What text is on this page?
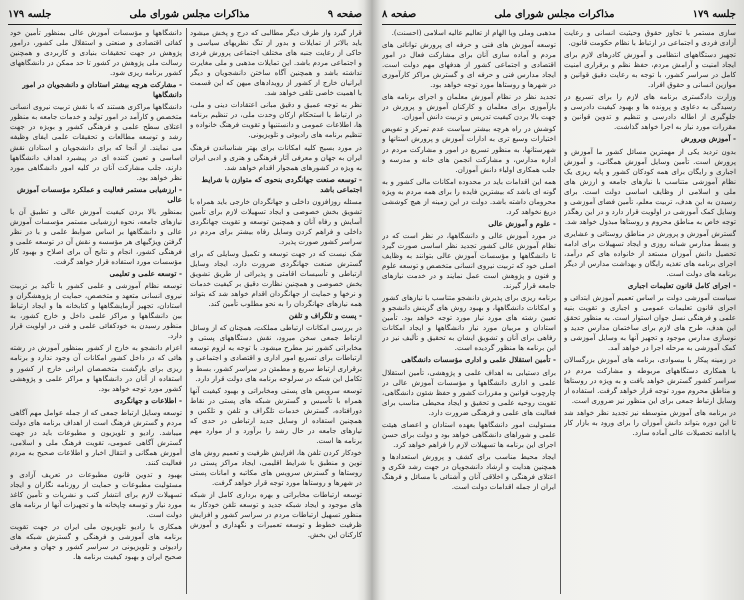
صفحه ۹
مذاکرات مجلس شورای ملی
جلسه ۱۷۹

قرار گیرد واز طرف دیگر مطالبی که درج و پخش میشود باید بالاتر از تمایلات و بدور از تنگ نظریهای سیاسی و حاکی از رعایت جنبه های مختلف اجتماعی پرورش فردی و اجتماعی مردم باشد. این تمایلات مذهبی و ملی مغایرت نداشته باشد و همچنین آگاه ساختن دانشجویان و دیگر ایرانیان خارج از کشور از رویدادهای میهن که این قسمت با اهمیت خاصی تلقی خواهد شد.

نظر به توجه عمیق و دقیق مبانی اعتقادات دینی و ملی، در ارتباط با استحکام ارکان وحدت ملی، در تنظیم برنامه ها، اطلاعات عمومی و دانستنیها و تقویت فرهنگ خانواده و تنظیم برنامه های رادیوئی و تلویزیونی.

در مورد بسیج کلیه امکانات برای بهتر شناساندن فرهنگ ایران به جهان و معرفی آثار فرهنگی و هنری و ادبی ایران به ویژه در کشورهای همجوار اقدام خواهد شد.

- توسعه صنعت جهانگردی بنحوی که متوازن با شرایط اجتماعی باشد

مسئله روزافزون داخلی و جهانگردان خارجی باید همراه با تشویق بخش خصوصی و ایجاد تسهیلات لازم برای تأمین آسایش و رفاه آنان و همچنین توسعه و تقویت جهانگردی داخلی و فراهم کردن وسایل رفاه بیشتر برای مردم در سراسر کشور صورت پذیرد.

شک نیست که در جهت توسعه و تکمیل وسایلی که برای گسترش صنعت جهانگردی ضرورت دارد، ایجاد وسایل ارتباطی و تأسیسات اقامتی و پذیرائی از طریق تشویق بخش خصوصی و همچنین نظارت دقیق بر کیفیت خدمات و نرخها و حمایت از جهانگردان اقدام خواهد شد که بتواند همه نیازهای جهانگردان را به نحو مطلوب تأمین کند.

- پست و تلگراف و تلفن

در بررسی امکانات ارتباطی مملکت، همچنان که از وسائل ارتباط جمعی سخن میرود، نقش دستگاههای پستی و مخابراتی کشور نیز مطرح میشود. با توجه به لزوم توسعه ارتباطات برای تسریع امور اداری و اقتصادی و اجتماعی و برقراری ارتباط سریع و مطمئن در سراسر کشور، بسط و تکامل این شبکه در سرلوحه برنامه های دولت قرار دارد.

توسعه سرویس های پستی ومخابراتی و بهبود کیفیت آنها همراه با تأسیس و گسترش شبکه های پستی در نقاط دورافتاده، گسترش خدمات تلگراف و تلفن و تلکس و همچنین استفاده از وسایل جدید ارتباطی در حدی که نیازهای جامعه در حال رشد را برآورد و از موارد مهم برنامه ها است.

خودکار کردن تلفن ها، افزایش ظرفیت و تعمیم روش های نوین و منطبق با شرایط اقلیمی، ایجاد مراکز پستی در روستاها و گسترش سرویس های مکاتبه و امانات پستی در شهرها و روستاها مورد توجه قرار خواهد گرفت.

توسعه ارتباطات مخابراتی و بهره برداری کامل از شبکه های موجود و ایجاد شبکه جدید و توسعه تلفن خودکار به منظور تسهیل ارتباطات مردم در سراسر کشور و افزایش ظرفیت خطوط و توسعه تعمیرات و نگهداری و آموزش کارکنان این بخش.

دانشگاهها و مؤسسات آموزش عالی بمنظور تأمین خود کفائی اقتصادی و صنعتی و استقلال ملی کشور، درامور پژوهش در جهت تحقیقات بنیادی و کاربردی و همچنین رسالت ملی پژوهش در کشور تا حد ممکن در دانشگاههای کشور برنامه ریزی شود.

- مشارکت هرچه بیشتر استادان و دانشجویان در امور دانشگاهها

دانشگاهها مراکزی هستند که با نقش تربیت نیروی انسانی متخصص و کارآمد در امور تولید و خدمات جامعه به منظور اعتلای سطح علمی و فرهنگی کشور و بویژه در جهت رشد و توسعه مطالعات و تحقیقات علمی ایفای وظیفه می نمایند. از آنجا که برای دانشجویان و استادان نقش اساسی و تعیین کننده ای در پیشبرد اهداف دانشگاهها دارند، جلب مشارکت آنان در کلیه امور دانشگاهی مورد نظر خواهد بود.

- ارزشیابی مستمر فعالیت و عملکرد مؤسسات آموزش عالی

بمنظور بالا بردن کیفیت آموزش عالی و تطبیق آن با نیازهای جامعه، نحوه ارزشیابی مستمر مؤسسات آموزش عالی و دانشگاهها بر اساس ضوابط علمی و با در نظر گرفتن ویژگیهای هر مؤسسه و نقش آن در توسعه علمی و فرهنگی کشور، انجام و نتایج آن برای اصلاح و بهبود کار مؤسسات مورد استفاده قرار خواهد گرفت.

- توسعه علمی و تعلیمی

توسعه نظام آموزشی و علمی کشور با تأکید بر تربیت نیروی انسانی متعهد و متخصص، حمایت از پژوهشگران و استادان، تجهیز آزمایشگاهها و کتابخانه ها و ایجاد ارتباط بین دانشگاهها و مراکز علمی داخل و خارج کشور، به منظور رسیدن به خودکفائی علمی و فنی در اولویت قرار دارد.

اعزام دانشجو به خارج از کشور بمنظور آموزش در رشته هائی که در داخل کشور امکانات آن وجود ندارد و برنامه ریزی برای بازگشت متخصصان ایرانی خارج از کشور و استفاده از آنان در دانشگاهها و مراکز علمی و پژوهشی کشور مورد توجه خواهد بود.

- اطلاعات و جهانگردی

توسعه وسایل ارتباط جمعی که از جمله عوامل مهم آگاهی مردم و گسترش فرهنگ است از اهداف برنامه های دولت میباشد. رادیو و تلویزیون و مطبوعات باید در جهت گسترش آگاهی عمومی، تقویت فرهنگ ملی و اسلامی، آموزش همگانی و انتقال اخبار و اطلاعات صحیح به مردم فعالیت کنند.

بهبود و تدوین قانون مطبوعات در تعریف آزادی و مسئولیت مطبوعات و حمایت از روزنامه نگاران و ایجاد تسهیلات لازم برای انتشار کتب و نشریات و تأمین کاغذ مورد نیاز و توسعه چاپخانه ها و تجهیزات آنها از برنامه های دولت است.

همکاری با رادیو تلویزیون ملی ایران در جهت تقویت برنامه های آموزشی و فرهنگی و گسترش شبکه های رادیوئی و تلویزیونی در سراسر کشور و جهان و معرفی صحیح ایران و بهبود کیفیت برنامه ها.

جلسه ۱۷۹
مذاکرات مجلس شورای ملی
صفحه ۸

سازی مستمر با تجاوز حقوق وحیثیت انسانی و رعایت آزادی فردی و اجتماعی در ارتباط با نظام حکومت قانون.

تجهیز دستگاههای انتظامی و آموزش کادرهای لازم برای ایجاد امنیت و آرامش مردم، حفظ نظم و برقراری امنیت کامل در سراسر کشور، با توجه به رعایت دقیق قوانین و موازین انسانی و حقوق افراد.

وزارت دادگستری برنامه های لازم را برای تسریع در رسیدگی به دعاوی و پرونده ها و بهبود کیفیت دادرسی و جلوگیری از اطاله دادرسی و تنظیم و تدوین قوانین و مقررات مورد نیاز به اجرا خواهد گذاشت.

- آموزش وپرورش

بدون تردید یکی از مهمترین مسائل کشور ما آموزش و پرورش است. تأمین وسایل آموزش همگانی، و آموزش اجباری و رایگان برای همه کودکان کشور و پایه ریزی یک نظام آموزشی متناسب با نیازهای جامعه و ارزش های ملی و اسلامی از وظایف اساسی دولت است. برای رسیدن به این هدف، تربیت معلم، تأمین فضای آموزشی و وسایل کمک آموزشی در اولویت قرار دارد و در این رهگذر توجه خاص به مناطق محروم و روستاها مبذول خواهد شد.

گسترش آموزش و پرورش در مناطق روستائی و عشایری و بسط مدارس شبانه روزی و ایجاد تسهیلات برای ادامه تحصیل دانش آموزان مستعد از خانواده های کم درآمد، اجرای برنامه های تغذیه رایگان و بهداشت مدارس از دیگر برنامه های دولت است.

- اجرای کامل قانون تعلیمات اجباری

سیاست آموزشی دولت بر اساس تعمیم آموزش ابتدائی و اجرای قانون تعلیمات عمومی و اجباری و تقویت بنیه علمی و فرهنگی نسل جوان استوار است. به منظور تحقق این هدف، طرح های لازم برای ساختمان مدارس جدید و نوسازی مدارس موجود و تجهیز آنها به وسایل آموزشی و کمک آموزشی به مرحله اجرا در خواهد آمد.

در زمینه پیکار با بیسوادی، برنامه های آموزش بزرگسالان با همکاری دستگاههای مربوطه و مشارکت مردم در سراسر کشور گسترش خواهد یافت و به ویژه در روستاها و مناطق محروم مورد توجه قرار خواهد گرفت. استفاده از وسایل ارتباط جمعی برای این منظور نیز ضروری است.

در برنامه های آموزش متوسطه نیز تجدید نظر خواهد شد تا این دوره بتواند دانش آموزان را برای ورود به بازار کار یا ادامه تحصیلات عالی آماده سازد.

مذهبی وملی ویا الهام از تعالیم عالیه اسلامی (احسنت).

توسعه آموزش های فنی و حرفه ای پرورش توانائی های مردم و آماده سازی آنان برای مشارکت فعال در امور اقتصادی و اجتماعی کشور از هدفهای مهم دولت است. ایجاد مدارس فنی و حرفه ای و گسترش مراکز کارآموزی در شهرها و روستاها مورد توجه خواهد بود.

تجدید نظر در نظام آموزش معلمان و اجرای برنامه های بازآموزی برای معلمان و کارکنان آموزش و پرورش در جهت بالا بردن کیفیت تدریس و تربیت دانش آموزان.

کوشش در راه هرچه بیشتر سیاست عدم تمرکز و تفویض اختیارات وسیع تری به ادارات آموزش و پرورش استانها و شهرستانها، به منظور تسریع در امور و مشارکت مردم در اداره مدارس، و مشارکت انجمن های خانه و مدرسه و جلب همکاری اولیاء دانش آموزان.

همه این اقدامات باید در محدوده امکانات مالی کشور و به گونه ای باشد که بیشترین فایده را برای همه مردم به ویژه محرومان داشته باشد. دولت در این زمینه از هیچ کوششی دریغ نخواهد کرد.

- علوم و آموزش عالی

در مورد آموزش عالی و دانشگاهها، در نظر است که در نظام آموزش عالی کشور تجدید نظر اساسی صورت گیرد تا دانشگاهها و مؤسسات آموزش عالی بتوانند به وظایف اصلی خود که تربیت نیروی انسانی متخصص و توسعه علوم و فنون و پژوهش است عمل نمایند و در خدمت نیازهای جامعه قرار گیرند.

برنامه ریزی برای پذیرش دانشجو متناسب با نیازهای کشور و امکانات دانشگاهها، و بهبود روش های گزینش دانشجو و تعیین رشته های مورد نیاز مورد توجه خواهد بود. تأمین استادان و مربیان مورد نیاز دانشگاهها و ایجاد امکانات رفاهی برای آنان و تشویق ایشان به تحقیق و تألیف نیز در این برنامه ها منظور گردیده است.

- تأمین استقلال علمی و اداری مؤسسات دانشگاهی

برای دستیابی به اهداف علمی و پژوهشی، تأمین استقلال علمی و اداری دانشگاهها و مؤسسات آموزش عالی در چارچوب قوانین و مقررات کشور و حفظ شئون دانشگاهی، تقویت روحیه علمی و تحقیق و ایجاد محیطی مناسب برای فعالیت های علمی و فرهنگی ضرورت دارد.

مسئولیت امور دانشگاهها بعهده استادان و اعضای هیئت علمی و شوراهای دانشگاهی خواهد بود و دولت برای حسن اجرای این برنامه ها تسهیلات لازم را فراهم خواهد کرد.

ایجاد محیط مناسب برای کشف و پرورش استعدادها و همچنین هدایت و ارشاد دانشجویان در جهت رشد فکری و اعتلای فرهنگی و اخلاقی آنان و آشنائی با مسائل و فرهنگ ایران از جمله اقدامات دولت است.
